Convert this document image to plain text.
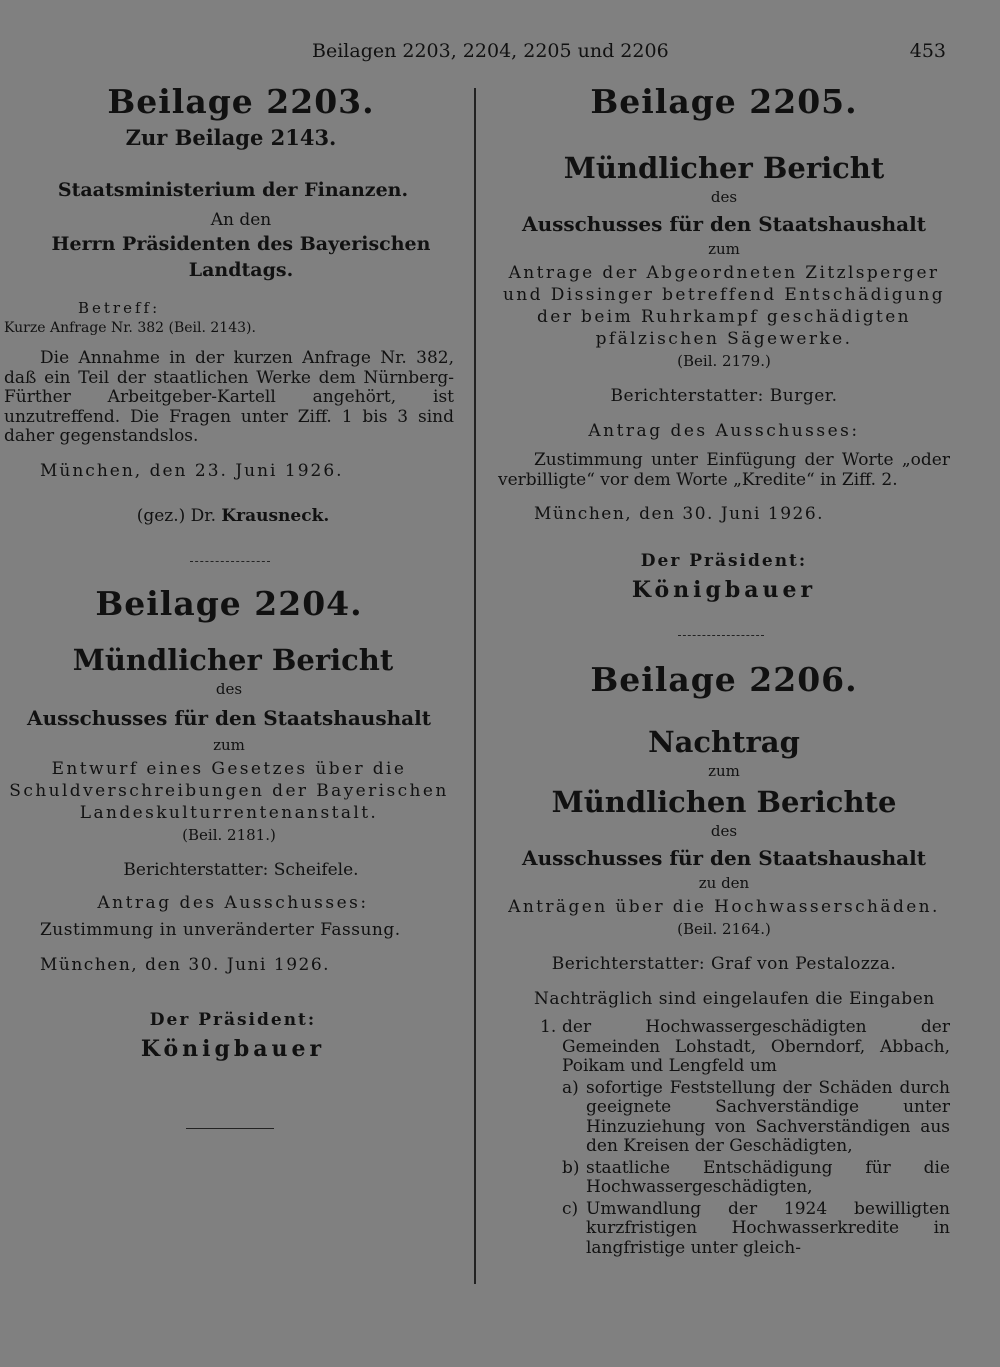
Beilagen 2203, 2204, 2205 und 2206	453

Beilage 2203.

Zur Beilage 2143.

Staatsministerium der Finanzen.

An den

Herrn Präsidenten des Bayerischen Landtags.

Betreff:

Kurze Anfrage Nr. 382 (Beil. 2143).

Die Annahme in der kurzen Anfrage Nr. 382, daß ein Teil der staatlichen Werke dem Nürnberg-Fürther Arbeitgeber-Kartell angehört, ist unzutreffend. Die Fragen unter Ziff. 1 bis 3 sind daher gegenstandslos.

München, den 23. Juni 1926.

(gez.) Dr. Krausneck.

Beilage 2204.

Mündlicher Bericht

des

Ausschusses für den Staatshaushalt

zum

Entwurf eines Gesetzes über die Schuldverschreibungen der Bayerischen Landeskulturrentenanstalt.

(Beil. 2181.)

Berichterstatter: Scheifele.

Antrag des Ausschusses:

Zustimmung in unveränderter Fassung.

München, den 30. Juni 1926.

Der Präsident:

Königbauer

Beilage 2205.

Mündlicher Bericht

des

Ausschusses für den Staatshaushalt

zum

Antrage der Abgeordneten Zitzlsperger und Dissinger betreffend Entschädigung der beim Ruhrkampf geschädigten pfälzischen Sägewerke.

(Beil. 2179.)

Berichterstatter: Burger.

Antrag des Ausschusses:

Zustimmung unter Einfügung der Worte „oder verbilligte“ vor dem Worte „Kredite“ in Ziff. 2.

München, den 30. Juni 1926.

Der Präsident:

Königbauer

Beilage 2206.

Nachtrag

zum

Mündlichen Berichte

des

Ausschusses für den Staatshaushalt

zu den

Anträgen über die Hochwasserschäden.

(Beil. 2164.)

Berichterstatter: Graf von Pestalozza.

Nachträglich sind eingelaufen die Eingaben

1. der Hochwassergeschädigten der Gemeinden Lohstadt, Oberndorf, Abbach, Poikam und Lengfeld um
a) sofortige Feststellung der Schäden durch geeignete Sachverständige unter Hinzuziehung von Sachverständigen aus den Kreisen der Geschädigten,
b) staatliche Entschädigung für die Hochwassergeschädigten,
c) Umwandlung der 1924 bewilligten kurzfristigen Hochwasserkredite in langfristige unter gleich-
